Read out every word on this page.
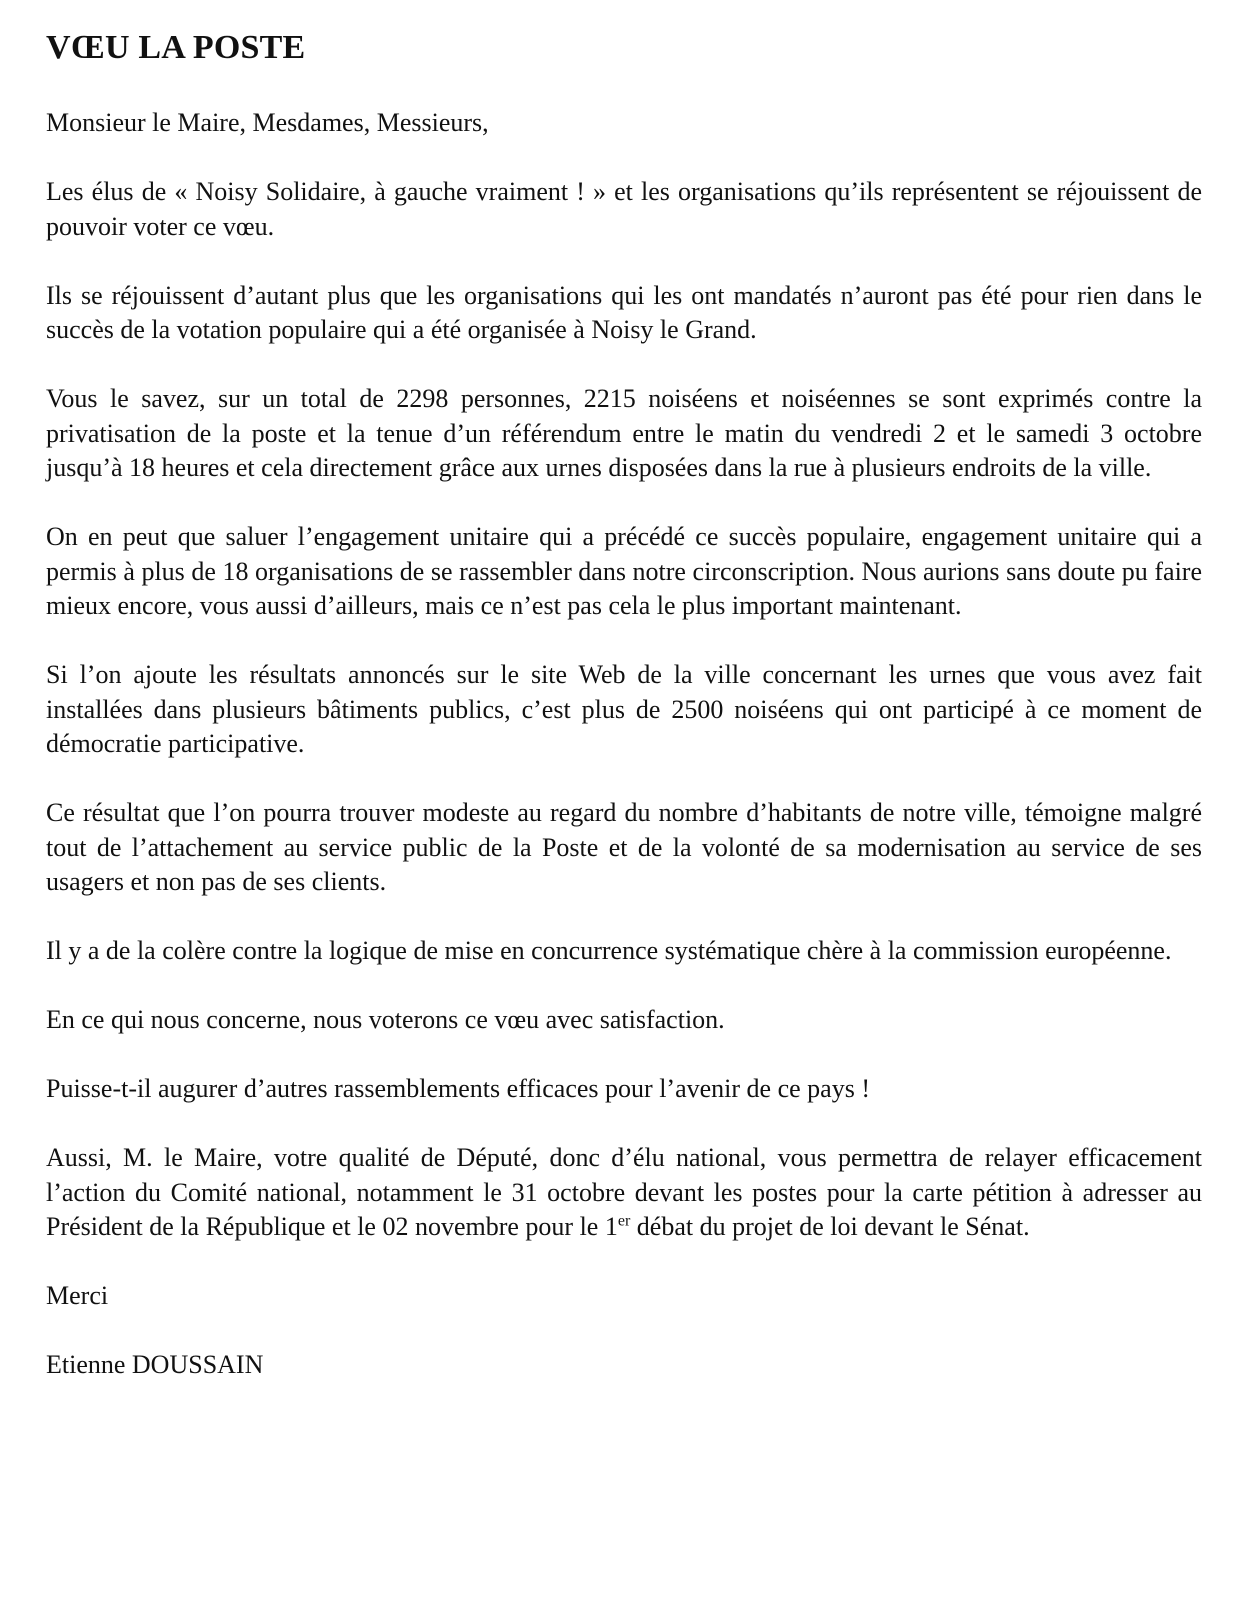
VŒU LA POSTE

Monsieur le Maire, Mesdames, Messieurs,

Les élus de « Noisy Solidaire, à gauche vraiment ! » et les organisations qu’ils représentent se réjouissent de pouvoir voter ce vœu.

Ils se réjouissent d’autant plus que les organisations qui les ont mandatés n’auront pas été pour rien dans le succès de la votation populaire qui a été organisée à Noisy le Grand.

Vous le savez, sur un total de 2298 personnes, 2215 noiséens et noiséennes se sont exprimés contre la privatisation de la poste et la tenue d’un référendum entre le matin du vendredi 2 et le samedi 3 octobre jusqu’à 18 heures et cela directement grâce aux urnes disposées dans la rue à plusieurs endroits de la ville.

On en peut que saluer l’engagement unitaire qui a précédé ce succès populaire, engagement unitaire qui a permis à plus de 18 organisations de se rassembler dans notre circonscription. Nous aurions sans doute pu faire mieux encore, vous aussi d’ailleurs, mais ce n’est pas cela le plus important maintenant.

Si l’on ajoute les résultats annoncés sur le site Web de la ville concernant les urnes que vous avez fait installées dans plusieurs bâtiments publics, c’est plus de 2500 noiséens qui ont participé à ce moment de démocratie participative.

Ce résultat que l’on pourra trouver modeste au regard du nombre d’habitants de notre ville, témoigne malgré tout de l’attachement au service public de la Poste et de la volonté de sa modernisation au service de ses usagers et non pas de ses clients.

Il y a de la colère contre la logique de mise en concurrence systématique chère à la commission européenne.

En ce qui nous concerne, nous voterons ce vœu avec satisfaction.

Puisse-t-il augurer d’autres rassemblements efficaces pour l’avenir de ce pays !

Aussi, M. le Maire, votre qualité de Député, donc d’élu national, vous permettra de relayer efficacement l’action du Comité national, notamment le 31 octobre devant les postes pour la carte pétition à adresser au Président de la République et le 02 novembre pour le 1er débat du projet de loi devant le Sénat.

Merci

Etienne DOUSSAIN
